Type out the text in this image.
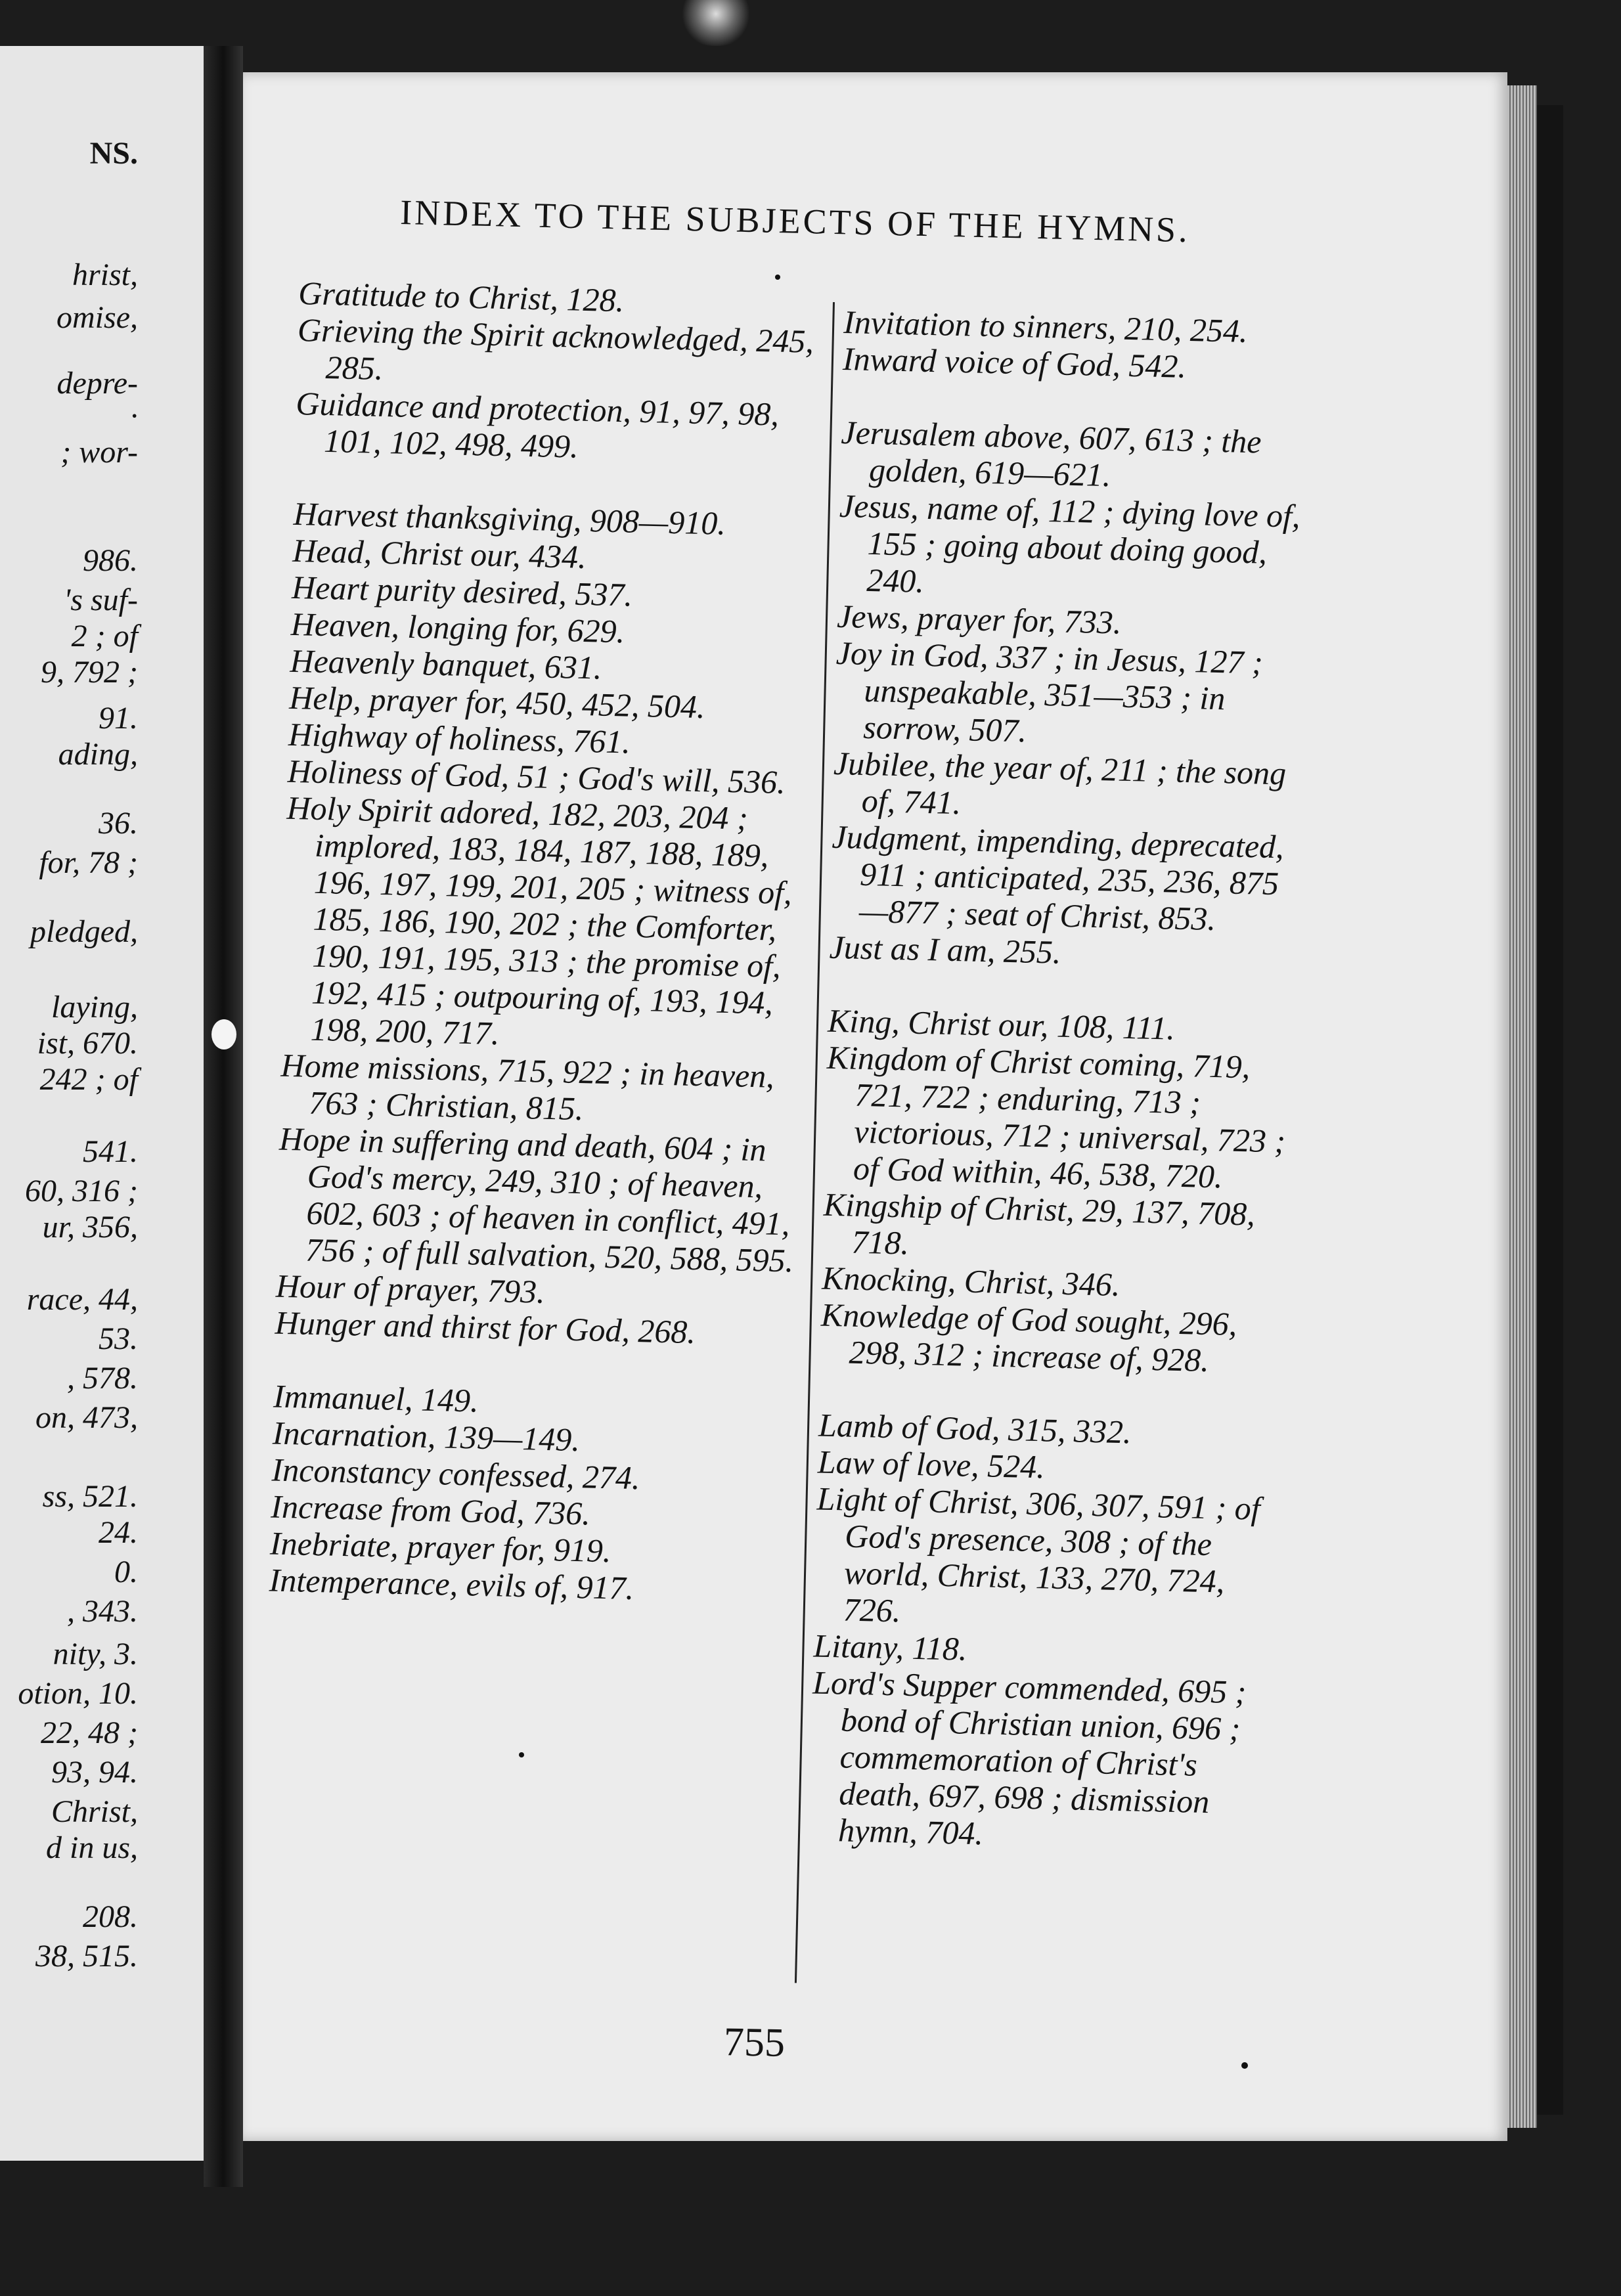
NS.
hrist,
omise,
depre-
·
; wor-
986.
's suf-
2 ; of
9, 792 ;
91.
ading,
36.
for, 78 ;
pledged,
laying,
ist, 670.
242 ; of
541.
60, 316 ;
ur, 356,
race, 44,
53.
, 578.
on, 473,
ss, 521.
24.
0.
, 343.
nity, 3.
otion, 10.
22, 48 ;
93, 94.
Christ,
d in us,
208.
38, 515.
INDEX TO THE SUBJECTS OF THE HYMNS.

Gratitude to Christ, 128.

Grieving the Spirit acknowledged, 245, 285.

Guidance and protection, 91, 97, 98, 101, 102, 498, 499.

Harvest thanksgiving, 908—910.

Head, Christ our, 434.

Heart purity desired, 537.

Heaven, longing for, 629.

Heavenly banquet, 631.

Help, prayer for, 450, 452, 504.

Highway of holiness, 761.

Holiness of God, 51 ; God's will, 536.

Holy Spirit adored, 182, 203, 204 ; implored, 183, 184, 187, 188, 189, 196, 197, 199, 201, 205 ; witness of, 185, 186, 190, 202 ; the Comforter, 190, 191, 195, 313 ; the promise of, 192, 415 ; outpouring of, 193, 194, 198, 200, 717.

Home missions, 715, 922 ; in heaven, 763 ; Christian, 815.

Hope in suffering and death, 604 ; in God's mercy, 249, 310 ; of heaven, 602, 603 ; of heaven in conflict, 491, 756 ; of full salvation, 520, 588, 595.

Hour of prayer, 793.

Hunger and thirst for God, 268.

Immanuel, 149.

Incarnation, 139—149.

Inconstancy confessed, 274.

Increase from God, 736.

Inebriate, prayer for, 919.

Intemperance, evils of, 917.

Invitation to sinners, 210, 254.

Inward voice of God, 542.

Jerusalem above, 607, 613 ; the golden, 619—621.

Jesus, name of, 112 ; dying love of, 155 ; going about doing good, 240.

Jews, prayer for, 733.

Joy in God, 337 ; in Jesus, 127 ; unspeakable, 351—353 ; in sorrow, 507.

Jubilee, the year of, 211 ; the song of, 741.

Judgment, impending, deprecated, 911 ; anticipated, 235, 236, 875—877 ; seat of Christ, 853.

Just as I am, 255.

King, Christ our, 108, 111.

Kingdom of Christ coming, 719, 721, 722 ; enduring, 713 ; victorious, 712 ; universal, 723 ; of God within, 46, 538, 720.

Kingship of Christ, 29, 137, 708, 718.

Knocking, Christ, 346.

Knowledge of God sought, 296, 298, 312 ; increase of, 928.

Lamb of God, 315, 332.

Law of love, 524.

Light of Christ, 306, 307, 591 ; of God's presence, 308 ; of the world, Christ, 133, 270, 724, 726.

Litany, 118.

Lord's Supper commended, 695 ; bond of Christian union, 696 ; commemoration of Christ's death, 697, 698 ; dismission hymn, 704.

755
